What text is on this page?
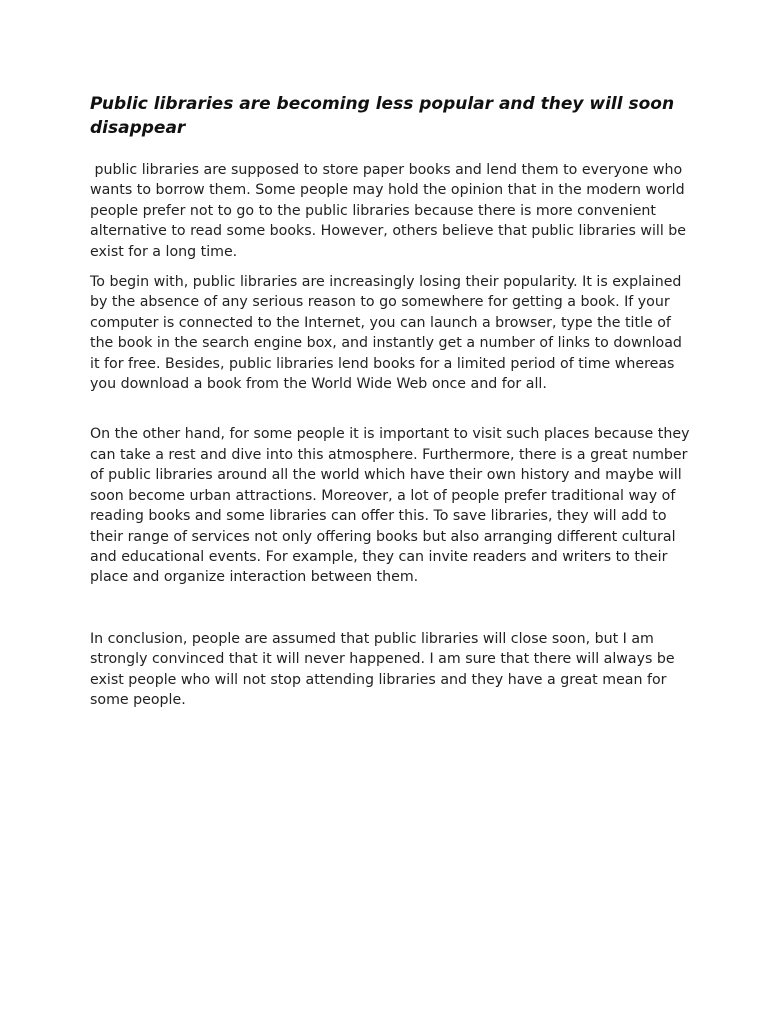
Public libraries are becoming less popular and they will soon disappear

public libraries are supposed to store paper books and lend them to everyone who wants to borrow them. Some people may hold the opinion that in the modern world people prefer not to go to the public libraries because there is more convenient alternative to read some books. However, others believe that public libraries will be exist for a long time.

To begin with, public libraries are increasingly losing their popularity. It is explained by the absence of any serious reason to go somewhere for getting a book. If your computer is connected to the Internet, you can launch a browser, type the title of the book in the search engine box, and instantly get a number of links to download it for free. Besides, public libraries lend books for a limited period of time whereas you download a book from the World Wide Web once and for all.

On the other hand, for some people it is important to visit such places because they can take a rest and dive into this atmosphere. Furthermore, there is a great number of public libraries around all the world which have their own history and maybe will soon become urban attractions. Moreover, a lot of people prefer traditional way of reading books and some libraries can offer this. To save libraries, they will add to their range of services not only offering books but also arranging different cultural and educational events. For example, they can invite readers and writers to their place and organize interaction between them.

In conclusion, people are assumed that public libraries will close soon, but I am strongly convinced that it will never happened. I am sure that there will always be exist people who will not stop attending libraries and they have a great mean for some people.
